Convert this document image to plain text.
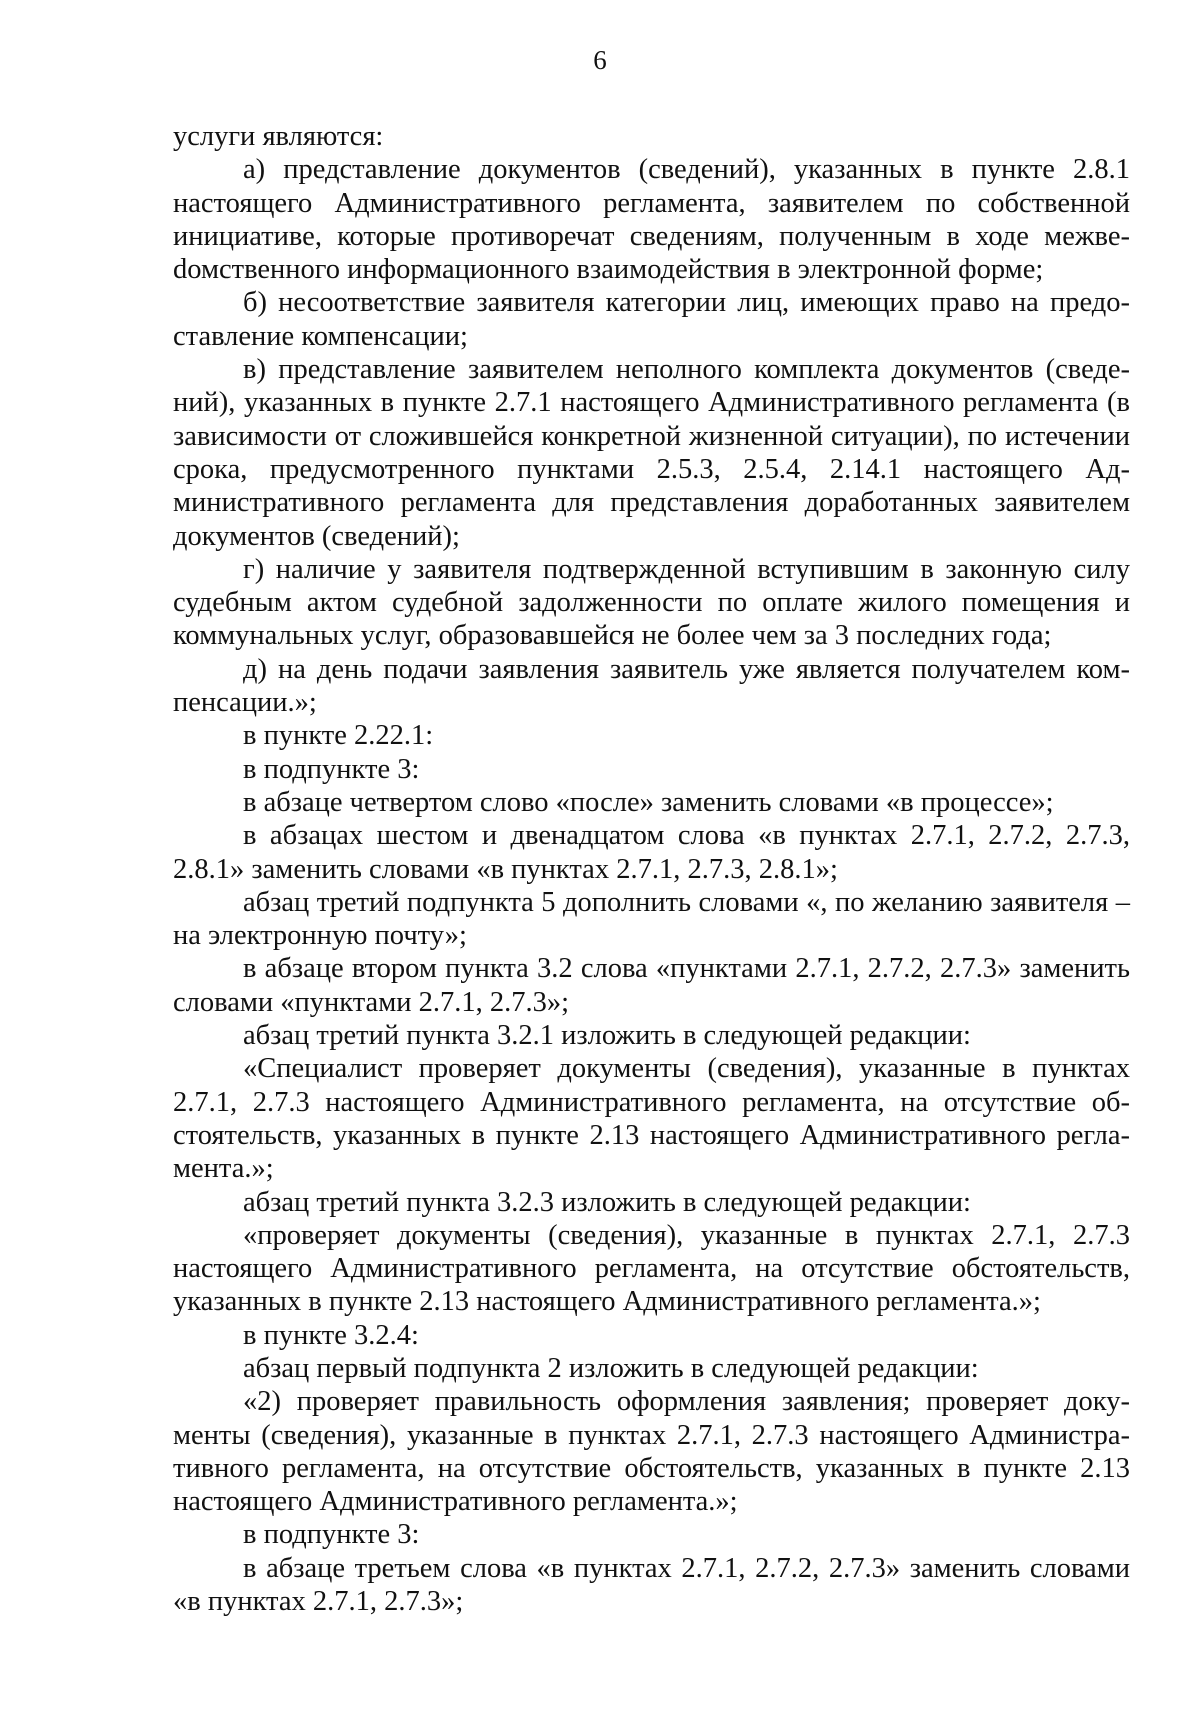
6

услуги являются:

а) представление документов (сведений), указанных в пункте 2.8.1 настоящего Административного регламента, заявителем по собственной инициативе, которые противоречат сведениям, полученным в ходе межвеdомственного информационного взаимодействия в электронной форме;

б) несоответствие заявителя категории лиц, имеющих право на предоставление компенсации;

в) представление заявителем неполного комплекта документов (сведений), указанных в пункте 2.7.1 настоящего Административного регламента (в зависимости от сложившейся конкретной жизненной ситуации), по истечении срока, предусмотренного пунктами 2.5.3, 2.5.4, 2.14.1 настоящего Административного регламента для представления доработанных заявителем документов (сведений);

г) наличие у заявителя подтвержденной вступившим в законную силу судебным актом судебной задолженности по оплате жилого помещения и коммунальных услуг, образовавшейся не более чем за 3 последних года;

д) на день подачи заявления заявитель уже является получателем компенсации.»;

в пункте 2.22.1:

в подпункте 3:

в абзаце четвертом слово «после» заменить словами «в процессе»;

в абзацах шестом и двенадцатом слова «в пунктах 2.7.1, 2.7.2, 2.7.3, 2.8.1» заменить словами «в пунктах 2.7.1, 2.7.3, 2.8.1»;

абзац третий подпункта 5 дополнить словами «, по желанию заявителя – на электронную почту»;

в абзаце втором пункта 3.2 слова «пунктами 2.7.1, 2.7.2, 2.7.3» заменить словами «пунктами 2.7.1, 2.7.3»;

абзац третий пункта 3.2.1 изложить в следующей редакции:

«Специалист проверяет документы (сведения), указанные в пунктах 2.7.1, 2.7.3 настоящего Административного регламента, на отсутствие обстоятельств, указанных в пункте 2.13 настоящего Административного регламента.»;

абзац третий пункта 3.2.3 изложить в следующей редакции:

«проверяет документы (сведения), указанные в пунктах 2.7.1, 2.7.3 настоящего Административного регламента, на отсутствие обстоятельств, указанных в пункте 2.13 настоящего Административного регламента.»;

в пункте 3.2.4:

абзац первый подпункта 2 изложить в следующей редакции:

«2) проверяет правильность оформления заявления; проверяет документы (сведения), указанные в пунктах 2.7.1, 2.7.3 настоящего Административного регламента, на отсутствие обстоятельств, указанных в пункте 2.13 настоящего Административного регламента.»;

в подпункте 3:

в абзаце третьем слова «в пунктах 2.7.1, 2.7.2, 2.7.3» заменить словами «в пунктах 2.7.1, 2.7.3»;
